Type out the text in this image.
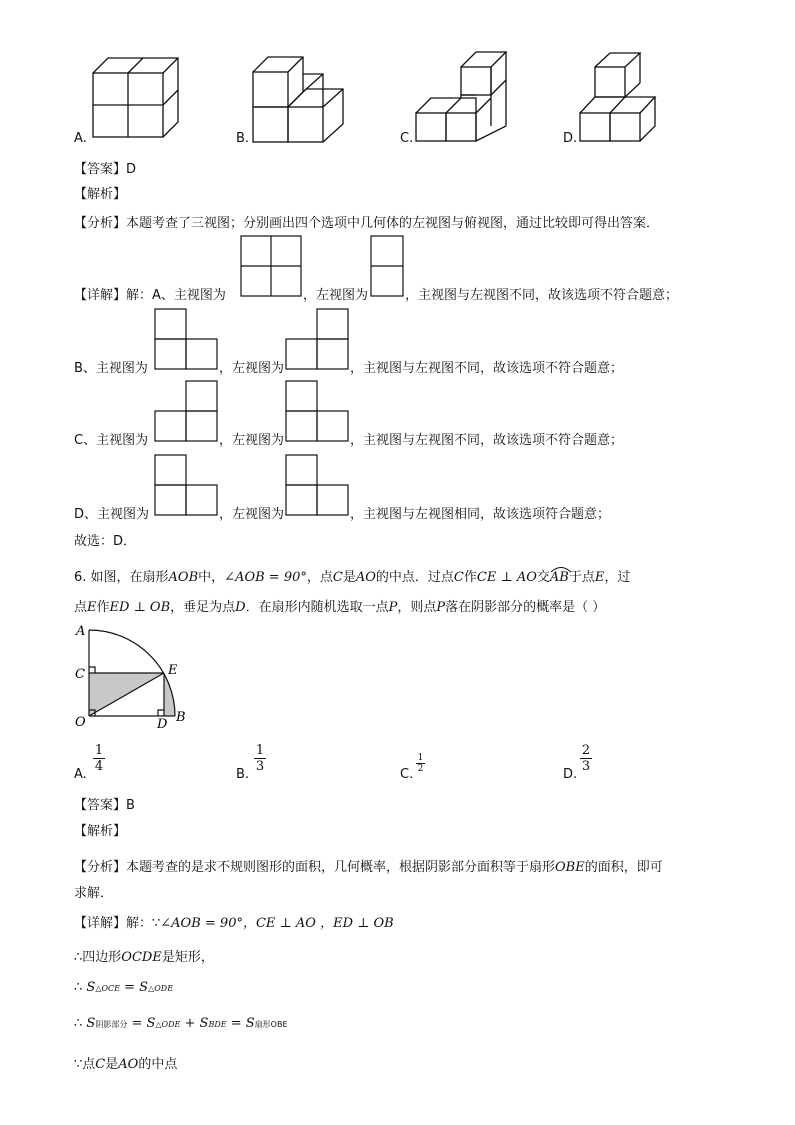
A.	B.	C.	D.
【答案】D
【解析】
【分析】本题考查了三视图；分别画出四个选项中几何体的左视图与俯视图，通过比较即可得出答案．
【详解】解：A、主视图为	，左视图为	，主视图与左视图不同，故该选项不符合题意；
B、主视图为	，左视图为	，主视图与左视图不同，故该选项不符合题意；
C、主视图为	，左视图为	，主视图与左视图不同，故该选项不符合题意；
D、主视图为	，左视图为	，主视图与左视图相同，故该选项符合题意；
故选：D．
6. 如图，在扇形AOB中，∠AOB = 90°，点C是AO的中点．过点C作CE ⊥ AO交AB
于点E，过
点E作ED ⊥ OB，垂足为点D．在扇形内随机选取一点P，则点P落在阴影部分的概率是（ ）
A
C
O	D B
E
A.
$\frac{1}{4}$
B.
$\frac{1}{3}$
C.
$\frac{1}{2}$
D.
$\frac{2}{3}$
【答案】B
【解析】
【分析】本题考查的是求不规则图形的面积，几何概率，根据阴影部分面积等于扇形OBE的面积，即可
求解．
【详解】解：∵∠AOB = 90°，CE ⊥ AO ，ED ⊥ OB
∴四边形OCDE是矩形，
∴ S△OCE = S△ODE
∴ S阴影部分 = S△ODE + SBDE = S扇形OBE
∵点C是AO的中点
